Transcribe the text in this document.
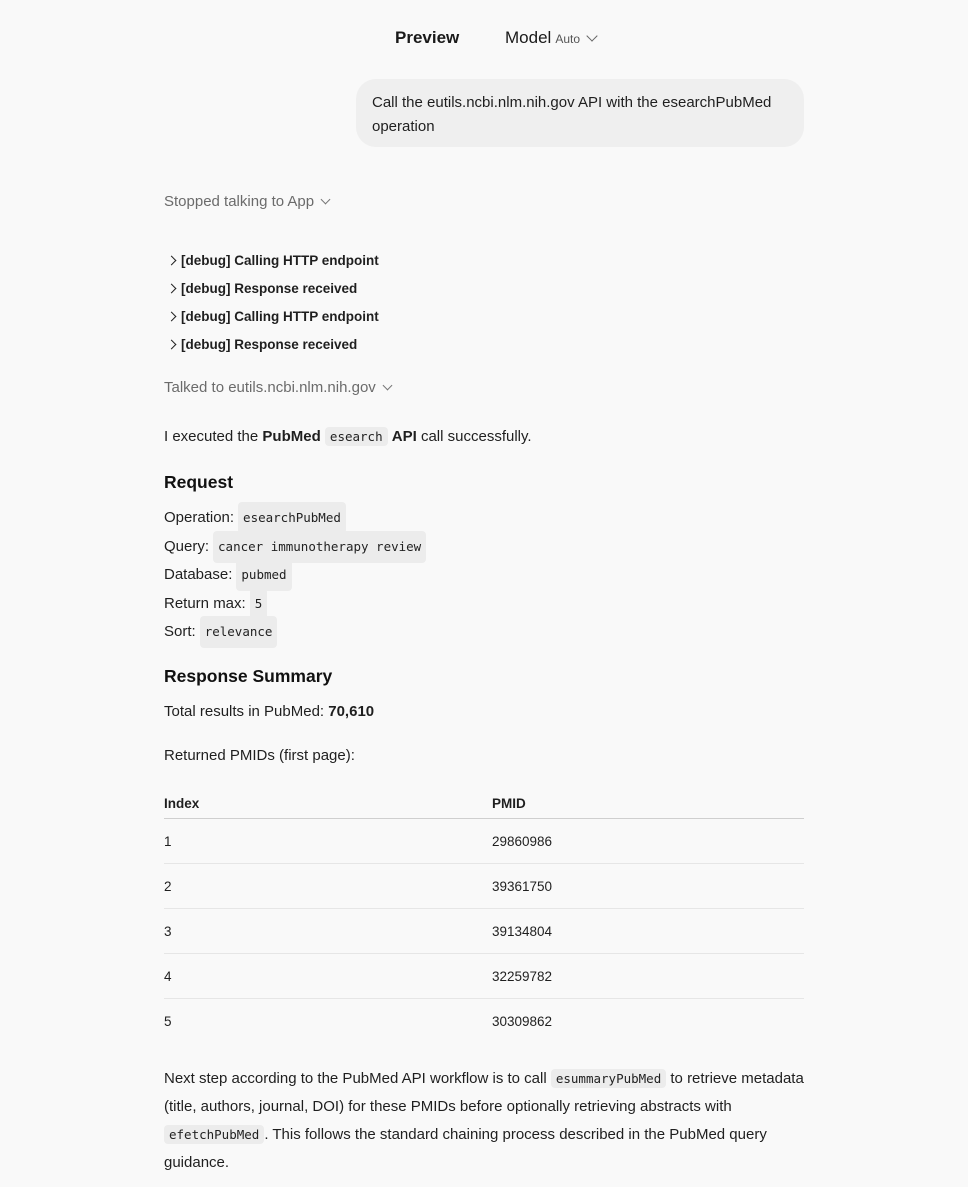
Preview	Model Auto
Call the eutils.ncbi.nlm.nih.gov API with the esearchPubMed operation
Stopped talking to App
[debug] Calling HTTP endpoint
[debug] Response received
[debug] Calling HTTP endpoint
[debug] Response received
Talked to eutils.ncbi.nlm.nih.gov
I executed the PubMed esearch API call successfully.
Request
Operation: esearchPubMed
Query: cancer immunotherapy review
Database: pubmed
Return max: 5
Sort: relevance
Response Summary
Total results in PubMed: 70,610
Returned PMIDs (first page):
Index	PMID
1	29860986
2	39361750
3	39134804
4	32259782
5	30309862
Next step according to the PubMed API workflow is to call esummaryPubMed to retrieve metadata (title, authors, journal, DOI) for these PMIDs before optionally retrieving abstracts with efetchPubMed . This follows the standard chaining process described in the PubMed query guidance.
